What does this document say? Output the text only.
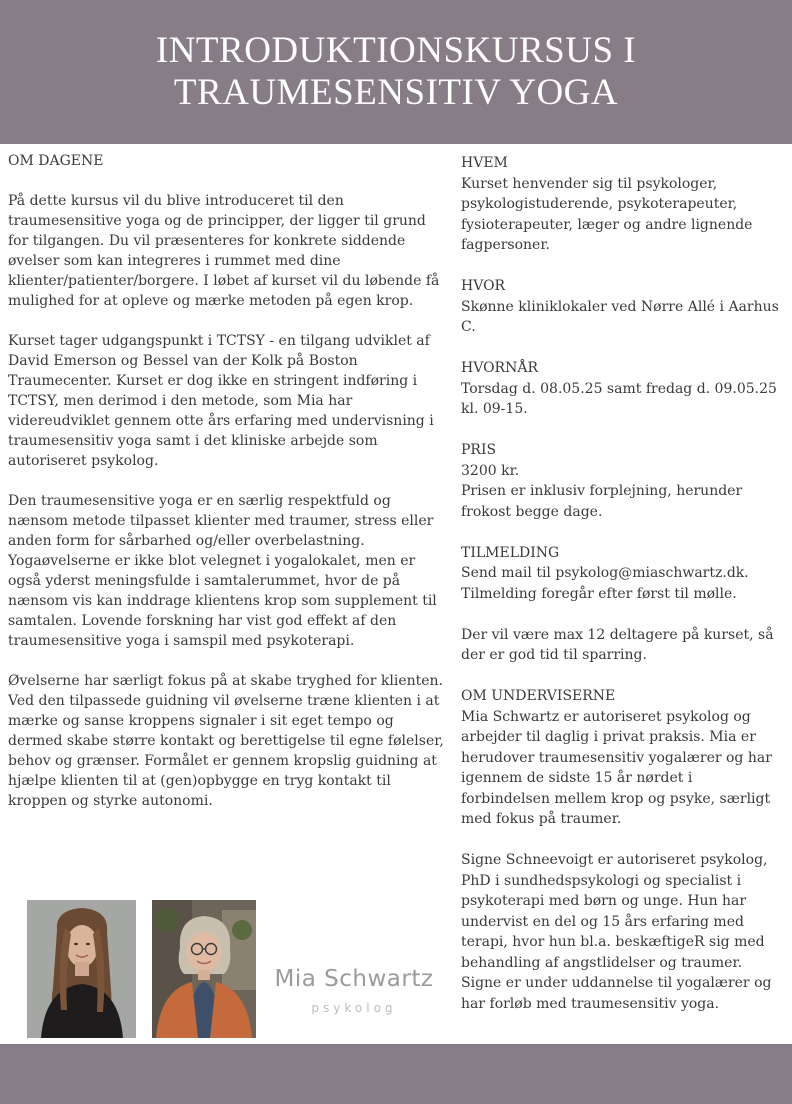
INTRODUKTIONSKURSUS I
TRAUMESENSITIV YOGA

OM DAGENE

På dette kursus vil du blive introduceret til den traumesensitive yoga og de principper, der ligger til grund for tilgangen. Du vil præsenteres for konkrete siddende øvelser som kan integreres i rummet med dine klienter/patienter/borgere. I løbet af kurset vil du løbende få mulighed for at opleve og mærke metoden på egen krop.

Kurset tager udgangspunkt i TCTSY - en tilgang udviklet af David Emerson og Bessel van der Kolk på Boston Traumecenter. Kurset er dog ikke en stringent indføring i TCTSY, men derimod i den metode, som Mia har videreudviklet gennem otte års erfaring med undervisning i traumesensitiv yoga samt i det kliniske arbejde som autoriseret psykolog.

Den traumesensitive yoga er en særlig respektfuld og nænsom metode tilpasset klienter med traumer, stress eller anden form for sårbarhed og/eller overbelastning. Yogaøvelserne er ikke blot velegnet i yogalokalet, men er også yderst meningsfulde i samtalerummet, hvor de på nænsom vis kan inddrage klientens krop som supplement til samtalen. Lovende forskning har vist god effekt af den traumesensitive yoga i samspil med psykoterapi.

Øvelserne har særligt fokus på at skabe tryghed for klienten. Ved den tilpassede guidning vil øvelserne træne klienten i at mærke og sanse kroppens signaler i sit eget tempo og dermed skabe større kontakt og berettigelse til egne følelser, behov og grænser. Formålet er gennem kropslig guidning at hjælpe klienten til at (gen)opbygge en tryg kontakt til kroppen og styrke autonomi.

HVEM
Kurset henvender sig til psykologer, psykologistuderende, psykoterapeuter, fysioterapeuter, læger og andre lignende fagpersoner.
HVOR
Skønne kliniklokaler ved Nørre Allé i Aarhus C.
HVORNÅR
Torsdag d. 08.05.25 samt fredag d. 09.05.25 kl. 09-15.
PRIS
3200 kr.
Prisen er inklusiv forplejning, herunder frokost begge dage.
TILMELDING
Send mail til psykolog@miaschwartz.dk.
Tilmelding foregår efter først til mølle.
Der vil være max 12 deltagere på kurset, så der er god tid til sparring.
OM UNDERVISERNE
Mia Schwartz er autoriseret psykolog og arbejder til daglig i privat praksis. Mia er herudover traumesensitiv yogalærer og har igennem de sidste 15 år nørdet i forbindelsen mellem krop og psyke, særligt med fokus på traumer.
Signe Schneevoigt er autoriseret psykolog, PhD i sundhedspsykologi og specialist i psykoterapi med børn og unge. Hun har undervist en del og 15 års erfaring med terapi, hvor hun bl.a. beskæftigeR sig med behandling af angstlidelser og traumer. Signe er under uddannelse til yogalærer og har forløb med traumesensitiv yoga.
Mia Schwartz
psykolog
